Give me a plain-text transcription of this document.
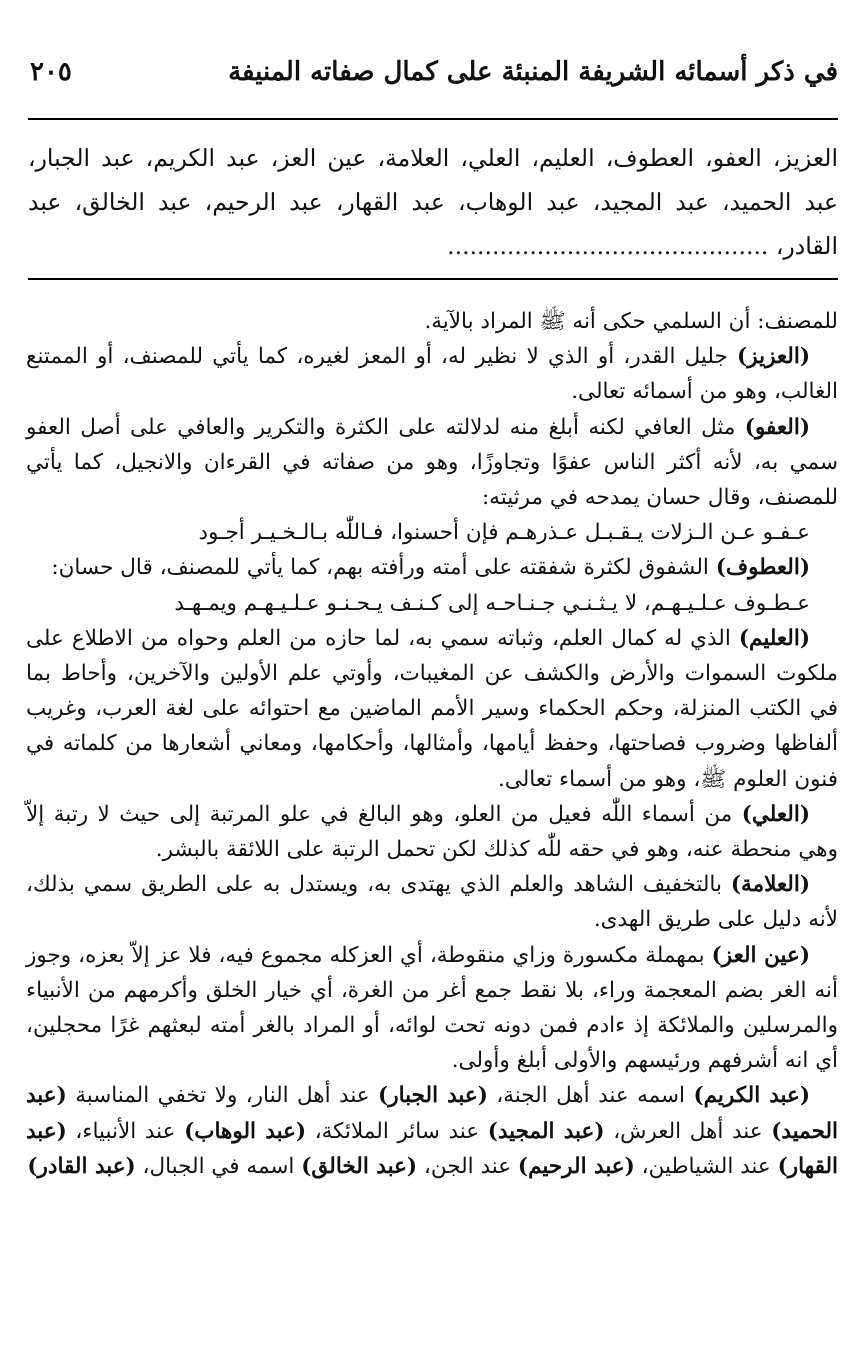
في ذكر أسمائه الشريفة المنبئة على كمال صفاته المنيفة
٢٠٥
العزيز، العفو، العطوف، العليم، العلي، العلامة، عين العز، عبد الكريم، عبد الجبار، عبد الحميد، عبد المجيد، عبد الوهاب، عبد القهار، عبد الرحيم، عبد الخالق، عبد القادر، ...........................................

للمصنف: أن السلمي حكى أنه ﷺ المراد بالآية.

(العزيز) جليل القدر، أو الذي لا نظير له، أو المعز لغيره، كما يأتي للمصنف، أو الممتنع الغالب، وهو من أسمائه تعالى.

(العفو) مثل العافي لكنه أبلغ منه لدلالته على الكثرة والتكرير والعافي على أصل العفو سمي به، لأنه أكثر الناس عفوًا وتجاوزًا، وهو من صفاته في القرءان والانجيل، كما يأتي للمصنف، وقال حسان يمدحه في مرثيته:

عـفـو عـن الـزلات يـقـبـل عـذرهـم فإن أحسنوا، فـاللّٰه بـالـخـيـر أجـود

(العطوف) الشفوق لكثرة شفقته على أمته ورأفته بهم، كما يأتي للمصنف، قال حسان:

عـطـوف عـلـيـهـم، لا يـثـنـي جـنـاحـه إلى كـنـف يـحـنـو عـلـيـهـم ويمـهـد

(العليم) الذي له كمال العلم، وثباته سمي به، لما حازه من العلم وحواه من الاطلاع على ملكوت السموات والأرض والكشف عن المغيبات، وأوتي علم الأولين والآخرين، وأحاط بما في الكتب المنزلة، وحكم الحكماء وسير الأمم الماضين مع احتوائه على لغة العرب، وغريب ألفاظها وضروب فصاحتها، وحفظ أيامها، وأمثالها، وأحكامها، ومعاني أشعارها من كلماته في فنون العلوم ﷺ، وهو من أسماء تعالى.

(العلي) من أسماء اللّٰه فعيل من العلو، وهو البالغ في علو المرتبة إلى حيث لا رتبة إلاّ وهي منحطة عنه، وهو في حقه للّٰه كذلك لكن تحمل الرتبة على اللائقة بالبشر.

(العلامة) بالتخفيف الشاهد والعلم الذي يهتدى به، ويستدل به على الطريق سمي بذلك، لأنه دليل على طريق الهدى.

(عين العز) بمهملة مكسورة وزاي منقوطة، أي العزكله مجموع فيه، فلا عز إلاّ بعزه، وجوز أنه الغر بضم المعجمة وراء، بلا نقط جمع أغر من الغرة، أي خيار الخلق وأكرمهم من الأنبياء والمرسلين والملائكة إذ ءادم فمن دونه تحت لوائه، أو المراد بالغر أمته لبعثهم غرًا محجلين، أي انه أشرفهم ورئيسهم والأولى أبلغ وأولى.

(عبد الكريم) اسمه عند أهل الجنة، (عبد الجبار) عند أهل النار، ولا تخفي المناسبة (عبد الحميد) عند أهل العرش، (عبد المجيد) عند سائر الملائكة، (عبد الوهاب) عند الأنبياء، (عبد القهار) عند الشياطين، (عبد الرحيم) عند الجن، (عبد الخالق) اسمه في الجبال، (عبد القادر)
